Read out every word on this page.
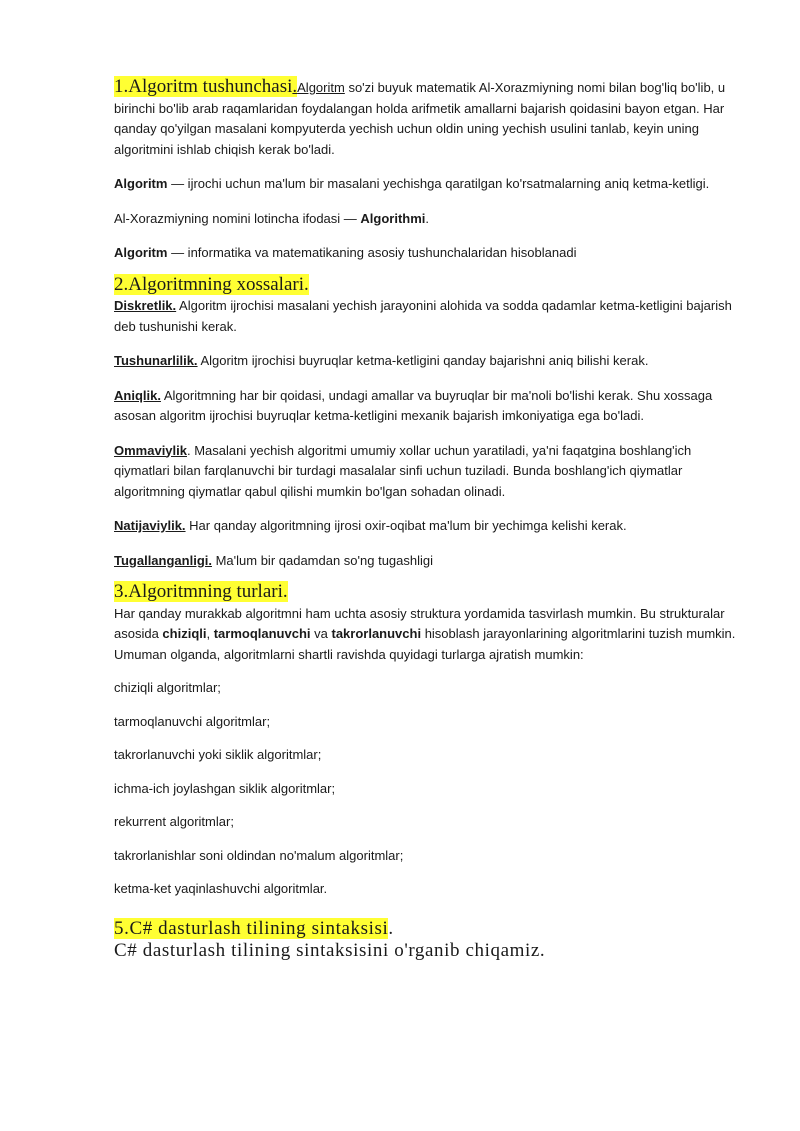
1.Algoritm tushunchasi.Algoritm so'zi buyuk matematik Al-Xorazmiyning nomi bilan bog'liq bo'lib, u birinchi bo'lib arab raqamlaridan foydalangan holda arifmetik amallarni bajarish qoidasini bayon etgan. Har qanday qo'yilgan masalani kompyuterda yechish uchun oldin uning yechish usulini tanlab, keyin uning algoritmini ishlab chiqish kerak bo'ladi.

Algoritm — ijrochi uchun ma'lum bir masalani yechishga qaratilgan ko'rsatmalarning aniq ketma-ketligi.

Al-Xorazmiyning nomini lotincha ifodasi — Algorithmi.

Algoritm — informatika va matematikaning asosiy tushunchalaridan hisoblanadi

2.Algoritmning xossalari.

Diskretlik. Algoritm ijrochisi masalani yechish jarayonini alohida va sodda qadamlar ketma-ketligini bajarish deb tushunishi kerak.

Tushunarlilik. Algoritm ijrochisi buyruqlar ketma-ketligini qanday bajarishni aniq bilishi kerak.

Aniqlik. Algoritmning har bir qoidasi, undagi amallar va buyruqlar bir ma'noli bo'lishi kerak. Shu xossaga asosan algoritm ijrochisi buyruqlar ketma-ketligini mexanik bajarish imkoniyatiga ega bo'ladi.

Ommaviylik. Masalani yechish algoritmi umumiy xollar uchun yaratiladi, ya'ni faqatgina boshlang'ich qiymatlari bilan farqlanuvchi bir turdagi masalalar sinfi uchun tuziladi. Bunda boshlang'ich qiymatlar algoritmning qiymatlar qabul qilishi mumkin bo'lgan sohadan olinadi.

Natijaviylik. Har qanday algoritmning ijrosi oxir-oqibat ma'lum bir yechimga kelishi kerak.

Tugallanganligi. Ma'lum bir qadamdan so'ng tugashligi

3.Algoritmning turlari.

Har qanday murakkab algoritmni ham uchta asosiy struktura yordamida tasvirlash mumkin. Bu strukturalar asosida chiziqli, tarmoqlanuvchi va takrorlanuvchi hisoblash jarayonlarining algoritmlarini tuzish mumkin. Umuman olganda, algoritmlarni shartli ravishda quyidagi turlarga ajratish mumkin:

chiziqli algoritmlar;

tarmoqlanuvchi algoritmlar;

takrorlanuvchi yoki siklik algoritmlar;

ichma-ich joylashgan siklik algoritmlar;

rekurrent algoritmlar;

takrorlanishlar soni oldindan no'malum algoritmlar;

ketma-ket yaqinlashuvchi algoritmlar.

5.C# dasturlash tilining sintaksisi.

C# dasturlash tilining sintaksisini o'rganib chiqamiz.
